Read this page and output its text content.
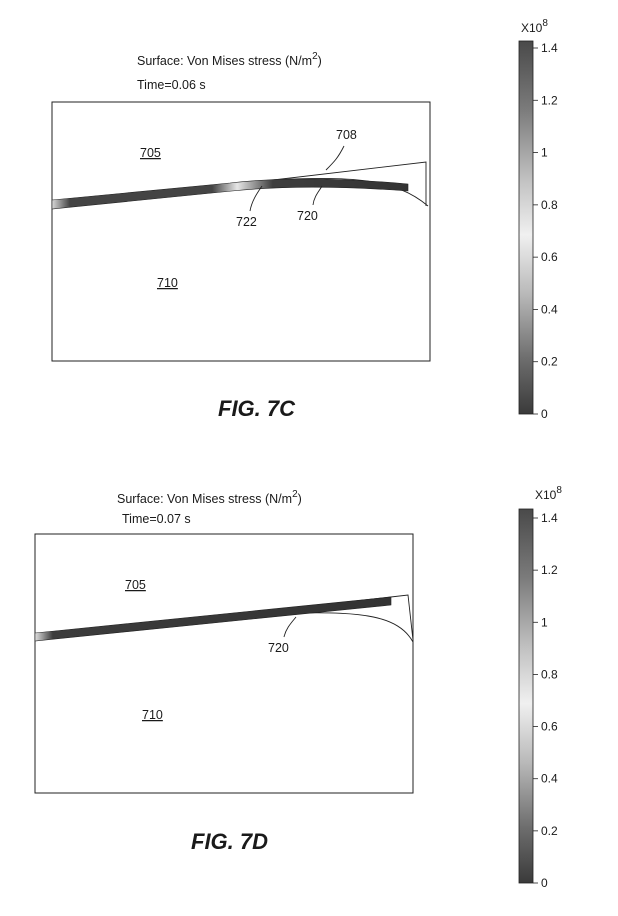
Surface: Von Mises stress $(N/m^2)$
Time=0.06 s
705
710
708
722	720
FIG. 7C
$X10^8$
1.4
1.2
1
0.8
0.6
0.4
0.2
0
Surface: Von Mises stress $(N/m^2)$
Time=0.07 s
705
710
720
FIG. 7D
$X10^8$
1.4
1.2
1
0.8
0.6
0.4
0.2
0
